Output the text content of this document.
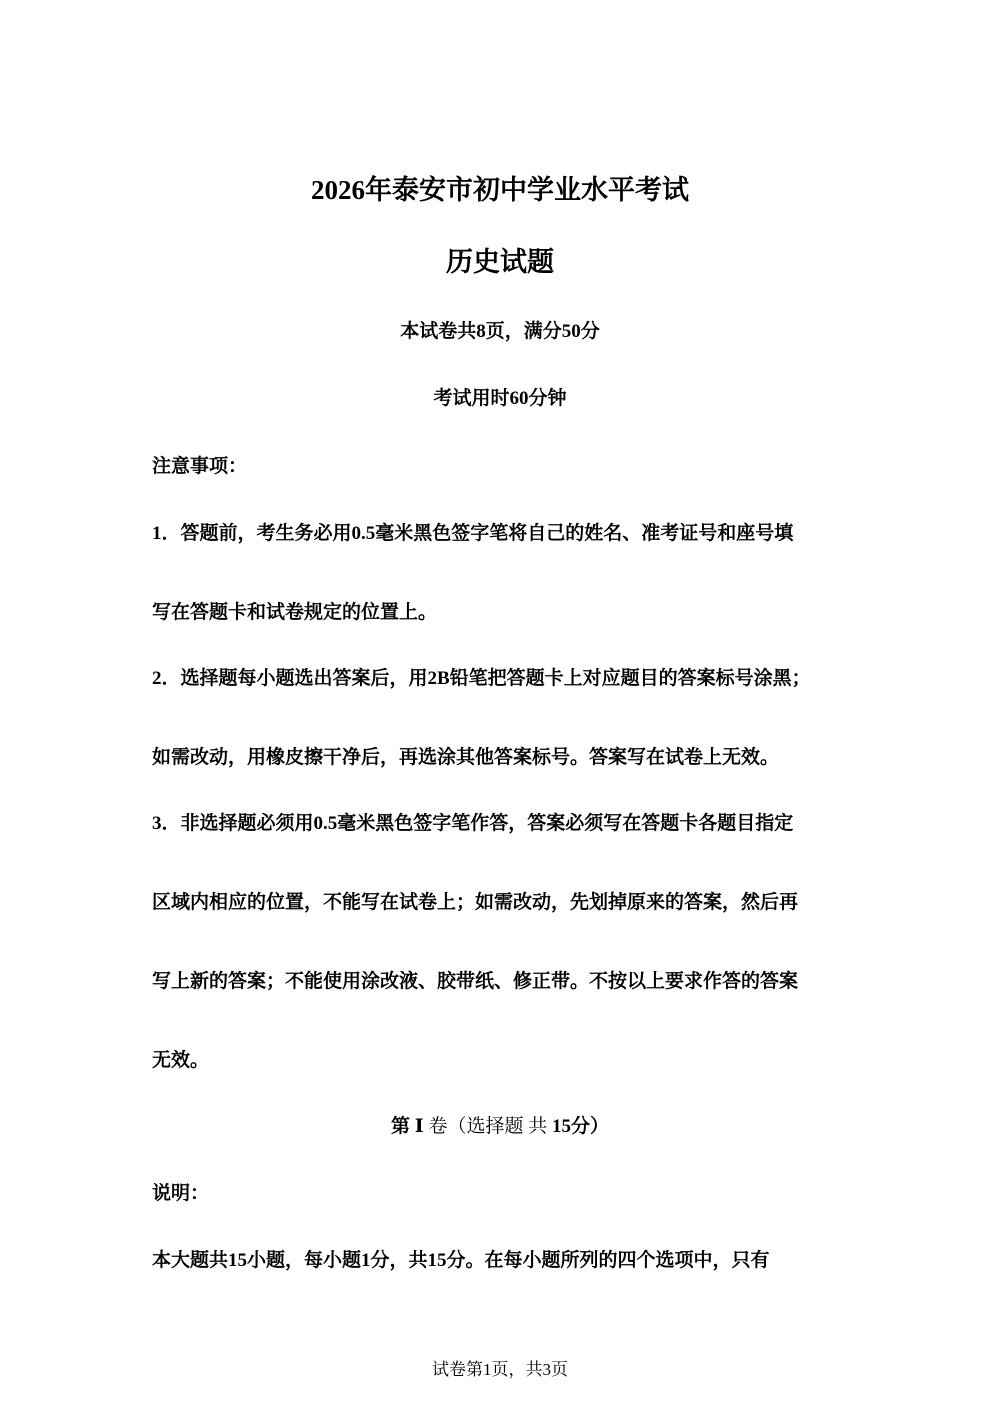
2026年泰安市初中学业水平考试
历史试题
本试卷共8页，满分50分
考试用时60分钟
注意事项：
1．答题前，考生务必用0.5毫米黑色签字笔将自己的姓名、准考证号和座号填
写在答题卡和试卷规定的位置上。
2．选择题每小题选出答案后，用2B铅笔把答题卡上对应题目的答案标号涂黑；
如需改动，用橡皮擦干净后，再选涂其他答案标号。答案写在试卷上无效。
3．非选择题必须用0.5毫米黑色签字笔作答，答案必须写在答题卡各题目指定
区域内相应的位置，不能写在试卷上；如需改动，先划掉原来的答案，然后再
写上新的答案；不能使用涂改液、胶带纸、修正带。不按以上要求作答的答案
无效。
第 Ⅰ 卷（选择题 共 15分）
说明：
本大题共15小题，每小题1分，共15分。在每小题所列的四个选项中，只有
试卷第1页，共3页
